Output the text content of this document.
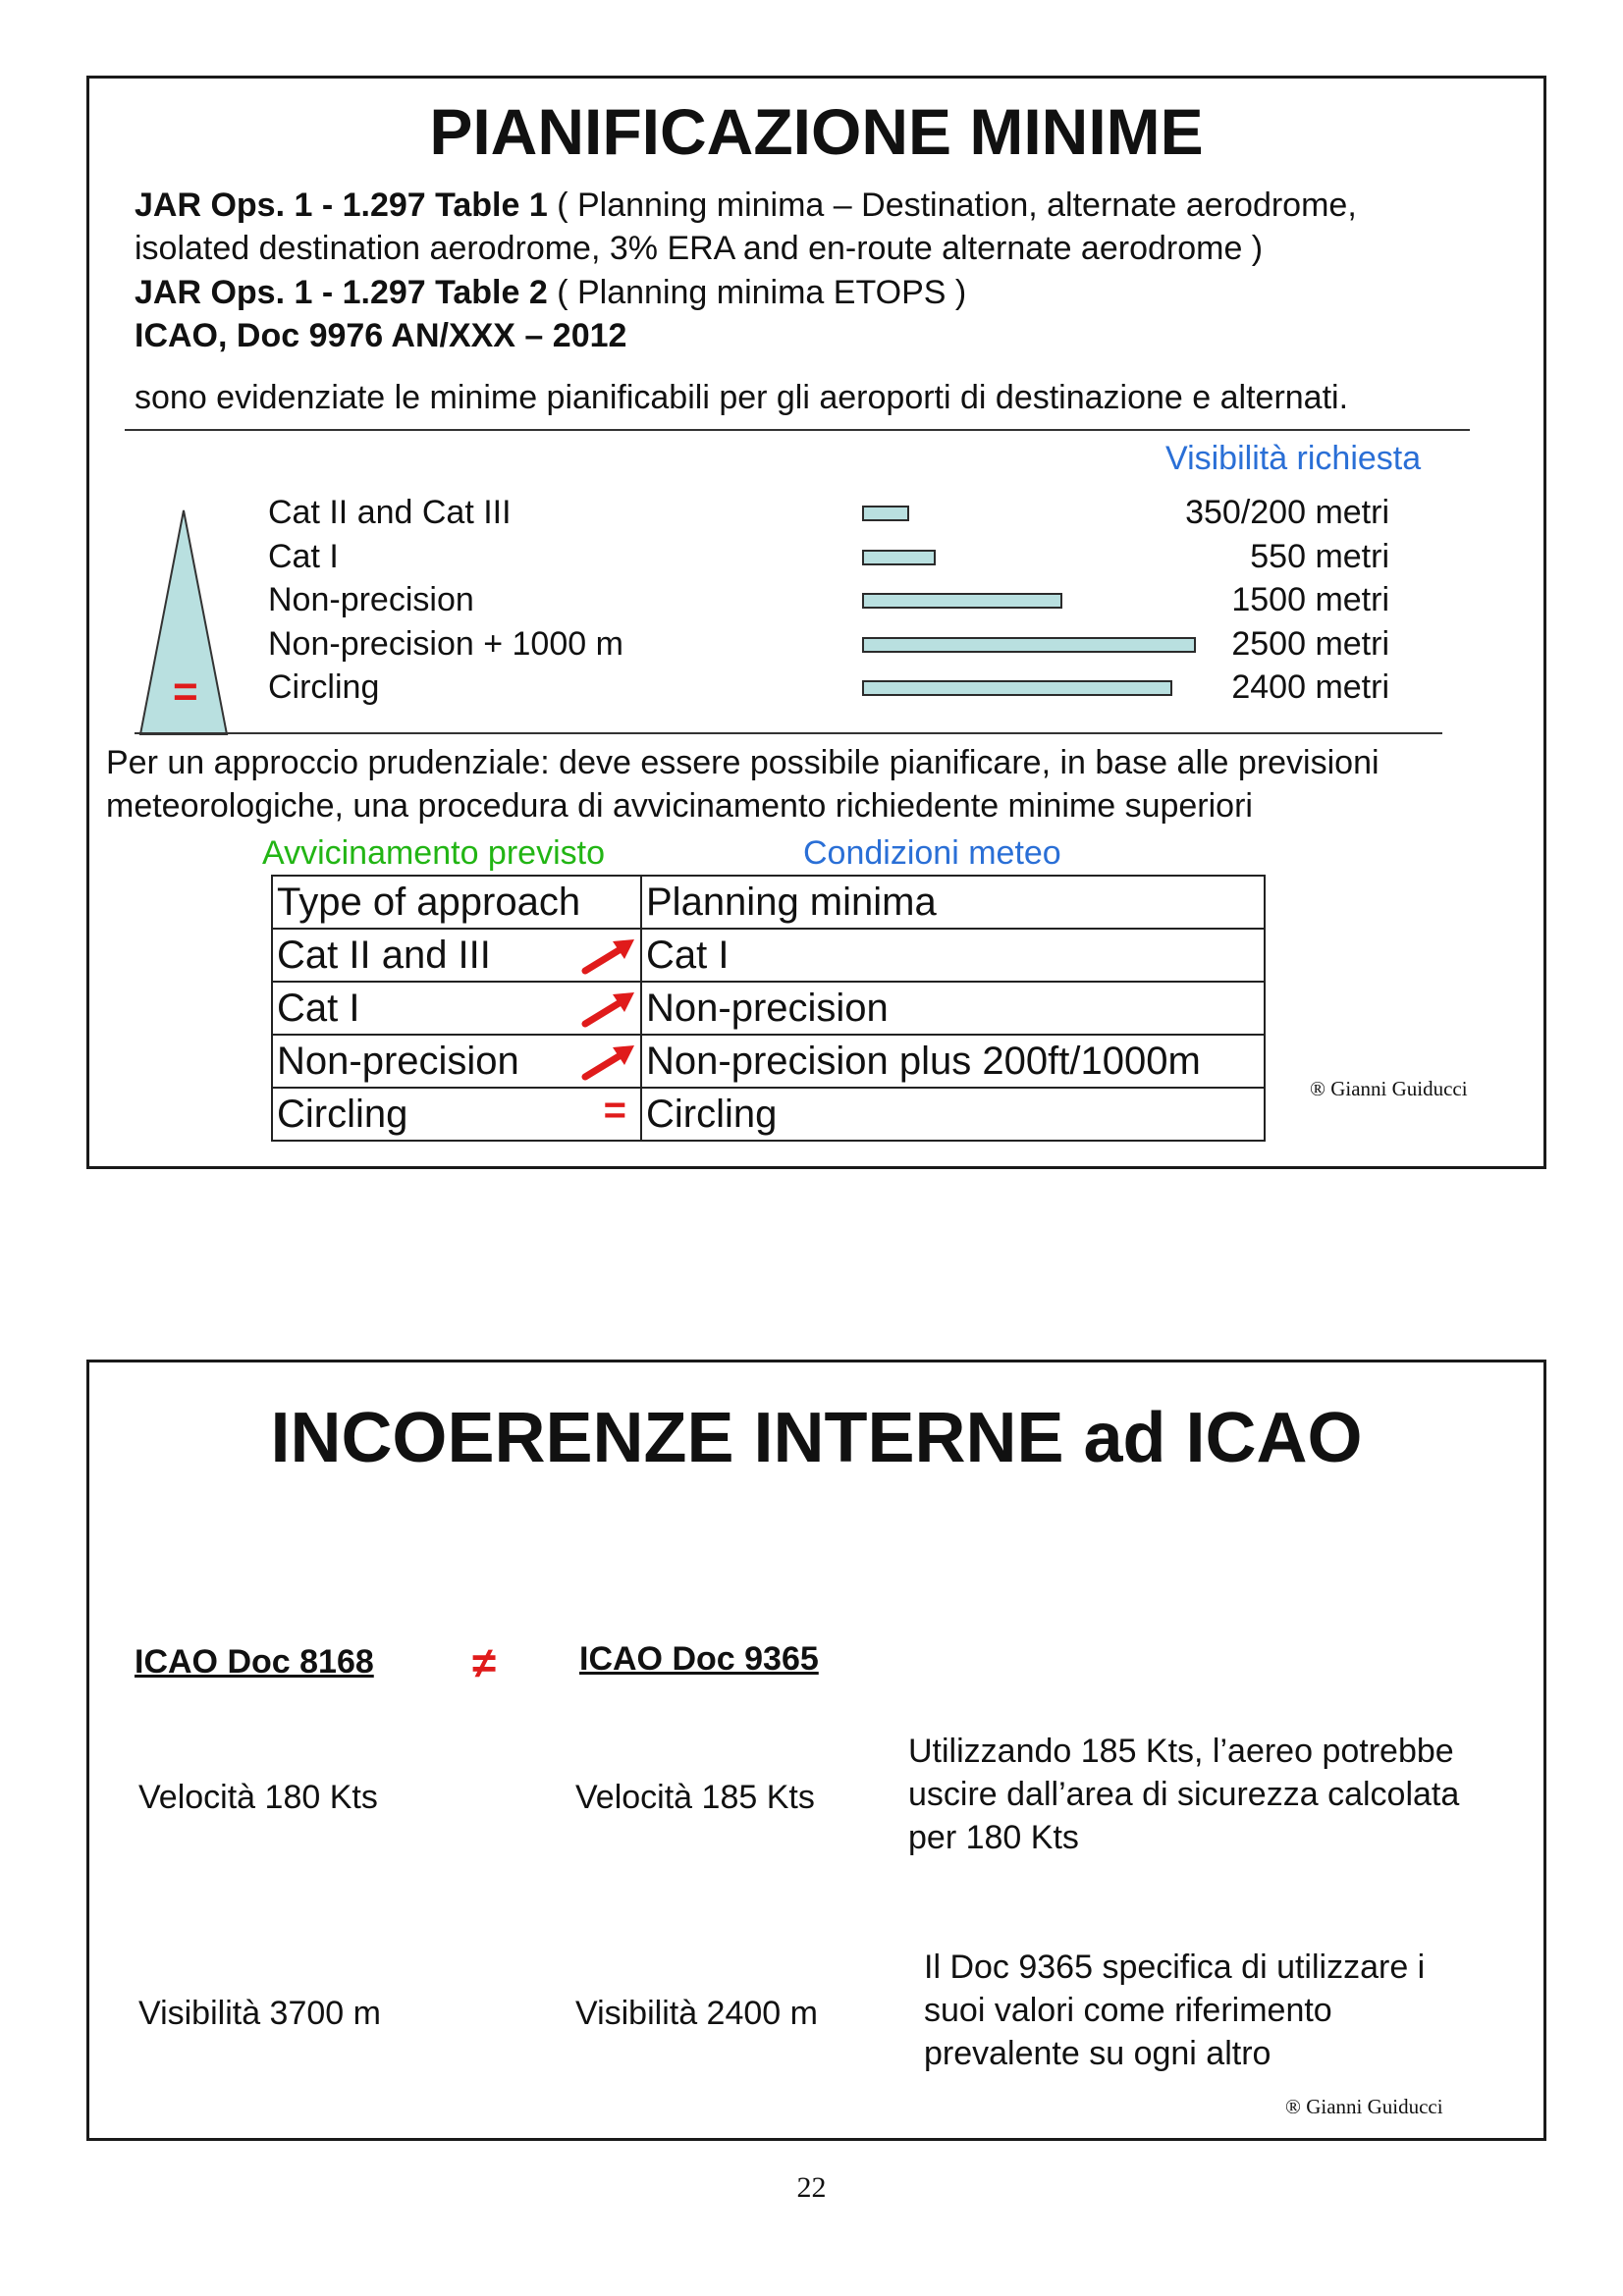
PIANIFICAZIONE MINIME
JAR Ops. 1 - 1.297 Table 1 ( Planning minima – Destination, alternate aerodrome,
isolated destination aerodrome, 3% ERA and en-route alternate aerodrome )
JAR Ops. 1 - 1.297 Table 2 ( Planning minima ETOPS )
ICAO, Doc 9976 AN/XXX – 2012
sono evidenziate le minime pianificabili per gli aeroporti di destinazione e alternati.
Visibilità richiesta
=
Cat II and Cat III	350/200 metri
Cat I	550 metri
Non-precision	1500 metri
Non-precision + 1000 m	2500 metri
Circling	2400 metri
Per un approccio prudenziale: deve essere possibile pianificare, in base alle previsioni
meteorologiche, una procedura di avvicinamento richiedente minime superiori
Avvicinamento previsto	Condizioni meteo
Type of approach	Planning minima
Cat II and III	Cat I
Cat I	Non-precision
Non-precision	Non-precision plus 200ft/1000m
Circling =	Circling
® Gianni Guiducci
INCOERENZE INTERNE ad ICAO
ICAO Doc 8168 ≠ ICAO Doc 9365
Velocità 180 Kts	Velocità 185 Kts
Utilizzando 185 Kts, l’aereo potrebbe
uscire dall’area di sicurezza calcolata
per 180 Kts
Visibilità 3700 m	Visibilità 2400 m
Il Doc 9365 specifica di utilizzare i
suoi valori come riferimento
prevalente su ogni altro
® Gianni Guiducci
22
